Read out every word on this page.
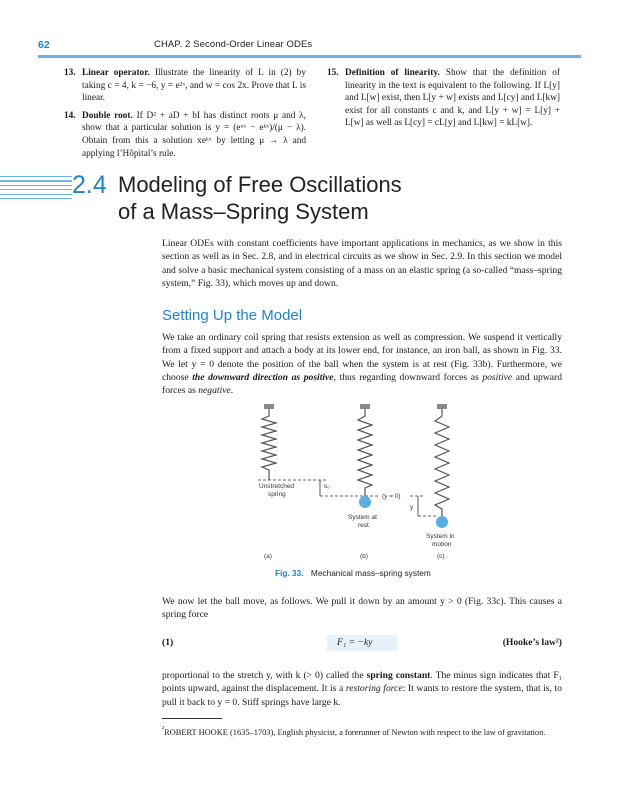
62	CHAP. 2 Second-Order Linear ODEs
13. Linear operator. Illustrate the linearity of L in (2) by taking c = 4, k = −6, y = e²ˣ, and w = cos 2x. Prove that L is linear.
14. Double root. If D² + aD + bI has distinct roots μ and λ, show that a particular solution is y = (eᵘˣ − eᵏˣ)/(μ − λ). Obtain from this a solution xeᵏˣ by letting μ → λ and applying l’Hôpital’s rule.
15. Definition of linearity. Show that the definition of linearity in the text is equivalent to the following. If L[y] and L[w] exist, then L[y + w] exists and L[cy] and L[kw] exist for all constants c and k, and L[y + w] = L[y] + L[w] as well as L[cy] = cL[y] and L[kw] = kL[w].
2.4 Modeling of Free Oscillations
of a Mass–Spring System

Linear ODEs with constant coefficients have important applications in mechanics, as we show in this section as well as in Sec. 2.8, and in electrical circuits as we show in Sec. 2.9. In this section we model and solve a basic mechanical system consisting of a mass on an elastic spring (a so-called “mass–spring system,” Fig. 33), which moves up and down.

Setting Up the Model

We take an ordinary coil spring that resists extension as well as compression. We suspend it vertically from a fixed support and attach a body at its lower end, for instance, an iron ball, as shown in Fig. 33. We let y = 0 denote the position of the ball when the system is at rest (Fig. 33b). Furthermore, we choose the downward direction as positive, thus regarding downward forces as positive and upward forces as negative.

Unstretched
spring
s₀
(y = 0)
System at
rest
y
System in
motion
(a)	(b)	(c)
Fig. 33. Mechanical mass–spring system

We now let the ball move, as follows. We pull it down by an amount y > 0 (Fig. 33c). This causes a spring force

(1)	F₁ = −ky	(Hooke’s law²)

proportional to the stretch y, with k (> 0) called the spring constant. The minus sign indicates that F₁ points upward, against the displacement. It is a restoring force: It wants to restore the system, that is, to pull it back to y = 0. Stiff springs have large k.

$^{^2}$ROBERT HOOKE (1635–1703), English physicist, a forerunner of Newton with respect to the law of gravitation.
